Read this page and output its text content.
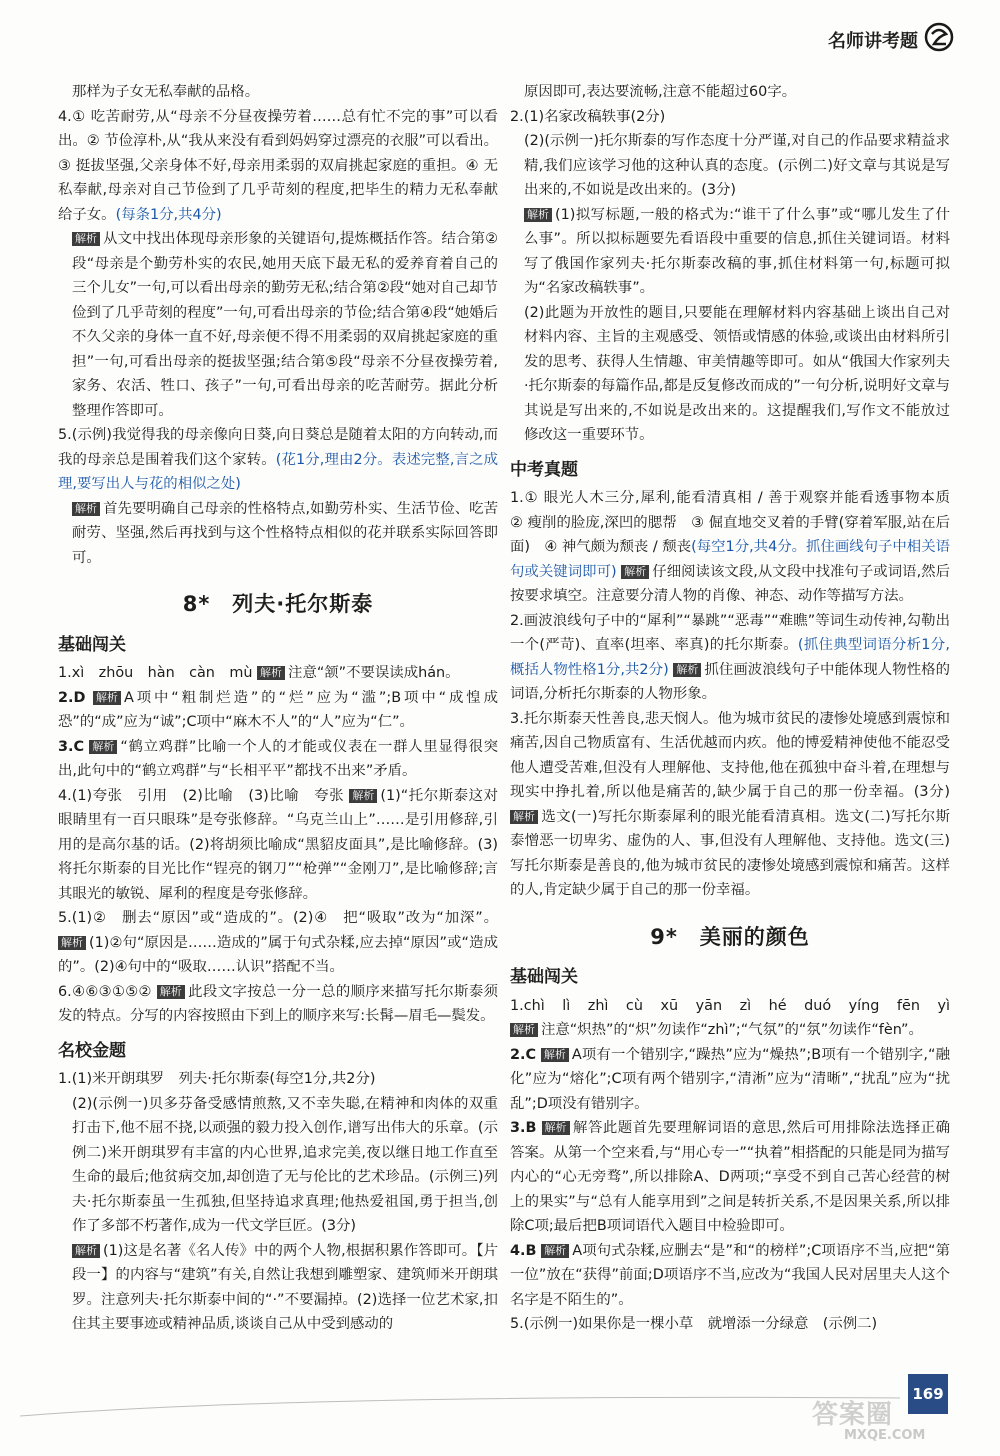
名师讲考题

那样为子女无私奉献的品格。

4.① 吃苦耐劳,从“母亲不分昼夜操劳着……总有忙不完的事”可以看出。② 节俭淳朴,从“我从来没有看到妈妈穿过漂亮的衣服”可以看出。③ 挺拔坚强,父亲身体不好,母亲用柔弱的双肩挑起家庭的重担。④ 无私奉献,母亲对自己节俭到了几乎苛刻的程度,把毕生的精力无私奉献给子女。(每条1分,共4分)

解析 从文中找出体现母亲形象的关键语句,提炼概括作答。结合第②段“母亲是个勤劳朴实的农民,她用天底下最无私的爱养育着自己的三个儿女”一句,可以看出母亲的勤劳无私;结合第②段“她对自己却节俭到了几乎苛刻的程度”一句,可看出母亲的节俭;结合第④段“她婚后不久父亲的身体一直不好,母亲便不得不用柔弱的双肩挑起家庭的重担”一句,可看出母亲的挺拔坚强;结合第⑤段“母亲不分昼夜操劳着,家务、农活、牲口、孩子”一句,可看出母亲的吃苦耐劳。据此分析整理作答即可。

5.(示例)我觉得我的母亲像向日葵,向日葵总是随着太阳的方向转动,而我的母亲总是围着我们这个家转。(花1分,理由2分。表述完整,言之成理,要写出人与花的相似之处)

解析 首先要明确自己母亲的性格特点,如勤劳朴实、生活节俭、吃苦耐劳、坚强,然后再找到与这个性格特点相似的花并联系实际回答即可。

8*　列夫·托尔斯泰
基础闯关

1.xì　zhōu　hàn　càn　mù 解析 注意“颔”不要误读成hán。

2.D 解析 A项中“粗制烂造”的“烂”应为“滥”;B项中“成惶成恐”的“成”应为“诚”;C项中“麻木不人”的“人”应为“仁”。

3.C 解析 “鹤立鸡群”比喻一个人的才能或仪表在一群人里显得很突出,此句中的“鹤立鸡群”与“长相平平”都找不出来”矛盾。

4.(1)夸张　引用　(2)比喻　(3)比喻　夸张 解析 (1)“托尔斯泰这对眼睛里有一百只眼珠”是夸张修辞。“乌克兰山上”……是引用修辞,引用的是高尔基的话。(2)将胡须比喻成“黑貂皮面具”,是比喻修辞。(3)将托尔斯泰的目光比作“锃亮的钢刀”“枪弹”“金刚刀”,是比喻修辞;言其眼光的敏锐、犀利的程度是夸张修辞。

5.(1)②　删去“原因”或“造成的”。(2)④　把“吸取”改为“加深”。 解析 (1)②句“原因是……造成的”属于句式杂糅,应去掉“原因”或“造成的”。(2)④句中的“吸取……认识”搭配不当。

6.④⑥③①⑤② 解析 此段文字按总一分一总的顺序来描写托尔斯泰须发的特点。分写的内容按照由下到上的顺序来写:长髯—眉毛—鬓发。

名校金题

1.(1)米开朗琪罗　列夫·托尔斯泰(每空1分,共2分)

(2)(示例一)贝多芬备受感情煎熬,又不幸失聪,在精神和肉体的双重打击下,他不屈不挠,以顽强的毅力投入创作,谱写出伟大的乐章。(示例二)米开朗琪罗有丰富的内心世界,追求完美,夜以继日地工作直至生命的最后;他贫病交加,却创造了无与伦比的艺术珍品。(示例三)列夫·托尔斯泰虽一生孤独,但坚持追求真理;他热爱祖国,勇于担当,创作了多部不朽著作,成为一代文学巨匠。(3分)

解析 (1)这是名著《名人传》中的两个人物,根据积累作答即可。【片段一】的内容与“建筑”有关,自然让我想到雕塑家、建筑师米开朗琪罗。注意列夫·托尔斯泰中间的“·”不要漏掉。(2)选择一位艺术家,扣住其主要事迹或精神品质,谈谈自己从中受到感动的

原因即可,表达要流畅,注意不能超过60字。

2.(1)名家改稿轶事(2分)

(2)(示例一)托尔斯泰的写作态度十分严谨,对自己的作品要求精益求精,我们应该学习他的这种认真的态度。(示例二)好文章与其说是写出来的,不如说是改出来的。(3分)

解析 (1)拟写标题,一般的格式为:“谁干了什么事”或“哪儿发生了什么事”。所以拟标题要先看语段中重要的信息,抓住关键词语。材料写了俄国作家列夫·托尔斯泰改稿的事,抓住材料第一句,标题可拟为“名家改稿轶事”。

(2)此题为开放性的题目,只要能在理解材料内容基础上谈出自己对材料内容、主旨的主观感受、领悟或情感的体验,或谈出由材料所引发的思考、获得人生情趣、审美情趣等即可。如从“俄国大作家列夫·托尔斯泰的每篇作品,都是反复修改而成的”一句分析,说明好文章与其说是写出来的,不如说是改出来的。这提醒我们,写作文不能放过修改这一重要环节。

中考真题

1.① 眼光人木三分,犀利,能看清真相 / 善于观察并能看透事物本质　② 瘦削的脸庞,深凹的腮帮　③ 倔直地交叉着的手臂(穿着军服,站在后面)　④ 神气颇为颓丧 / 颓丧(每空1分,共4分。抓住画线句子中相关语句或关键词即可) 解析 仔细阅读该文段,从文段中找准句子或词语,然后按要求填空。注意要分清人物的肖像、神态、动作等描写方法。

2.画波浪线句子中的“犀利”“暴跳”“恶毒”“难瞧”等词生动传神,勾勒出一个(严苛)、直率(坦率、率真)的托尔斯泰。(抓住典型词语分析1分,概括人物性格1分,共2分) 解析 抓住画波浪线句子中能体现人物性格的词语,分析托尔斯泰的人物形象。

3.托尔斯泰天性善良,悲天悯人。他为城市贫民的凄惨处境感到震惊和痛苦,因自己物质富有、生活优越而内疚。他的博爱精神使他不能忍受他人遭受苦难,但没有人理解他、支持他,他在孤独中奋斗着,在理想与现实中挣扎着,所以他是痛苦的,缺少属于自己的那一份幸福。(3分) 解析 选文(一)写托尔斯泰犀利的眼光能看清真相。选文(二)写托尔斯泰憎恶一切卑劣、虚伪的人、事,但没有人理解他、支持他。选文(三)写托尔斯泰是善良的,他为城市贫民的凄惨处境感到震惊和痛苦。这样的人,肯定缺少属于自己的那一份幸福。

9*　美丽的颜色
基础闯关

1.chì lì zhì cù xū yān zì hé duó yíng fēn yì 解析 注意“炽热”的“炽”勿读作“zhì”;“气氛”的“氛”勿读作“fèn”。

2.C 解析 A项有一个错别字,“躁热”应为“燥热”;B项有一个错别字,“融化”应为“熔化”;C项有两个错别字,“清淅”应为“清晰”,“扰乱”应为“扰乱”;D项没有错别字。

3.B 解析 解答此题首先要理解词语的意思,然后可用排除法选择正确答案。从第一个空来看,与“用心专一”“执着”相搭配的只能是同为描写内心的“心无旁骛”,所以排除A、D两项;“享受不到自己苦心经营的树上的果实”与“总有人能享用到”之间是转折关系,不是因果关系,所以排除C项;最后把B项词语代入题目中检验即可。

4.B 解析 A项句式杂糅,应删去“是”和“的榜样”;C项语序不当,应把“第一位”放在“获得”前面;D项语序不当,应改为“我国人民对居里夫人这个名字是不陌生的”。

5.(示例一)如果你是一棵小草　就增添一分绿意　(示例二)

169
答案圈
MXQE.COM
